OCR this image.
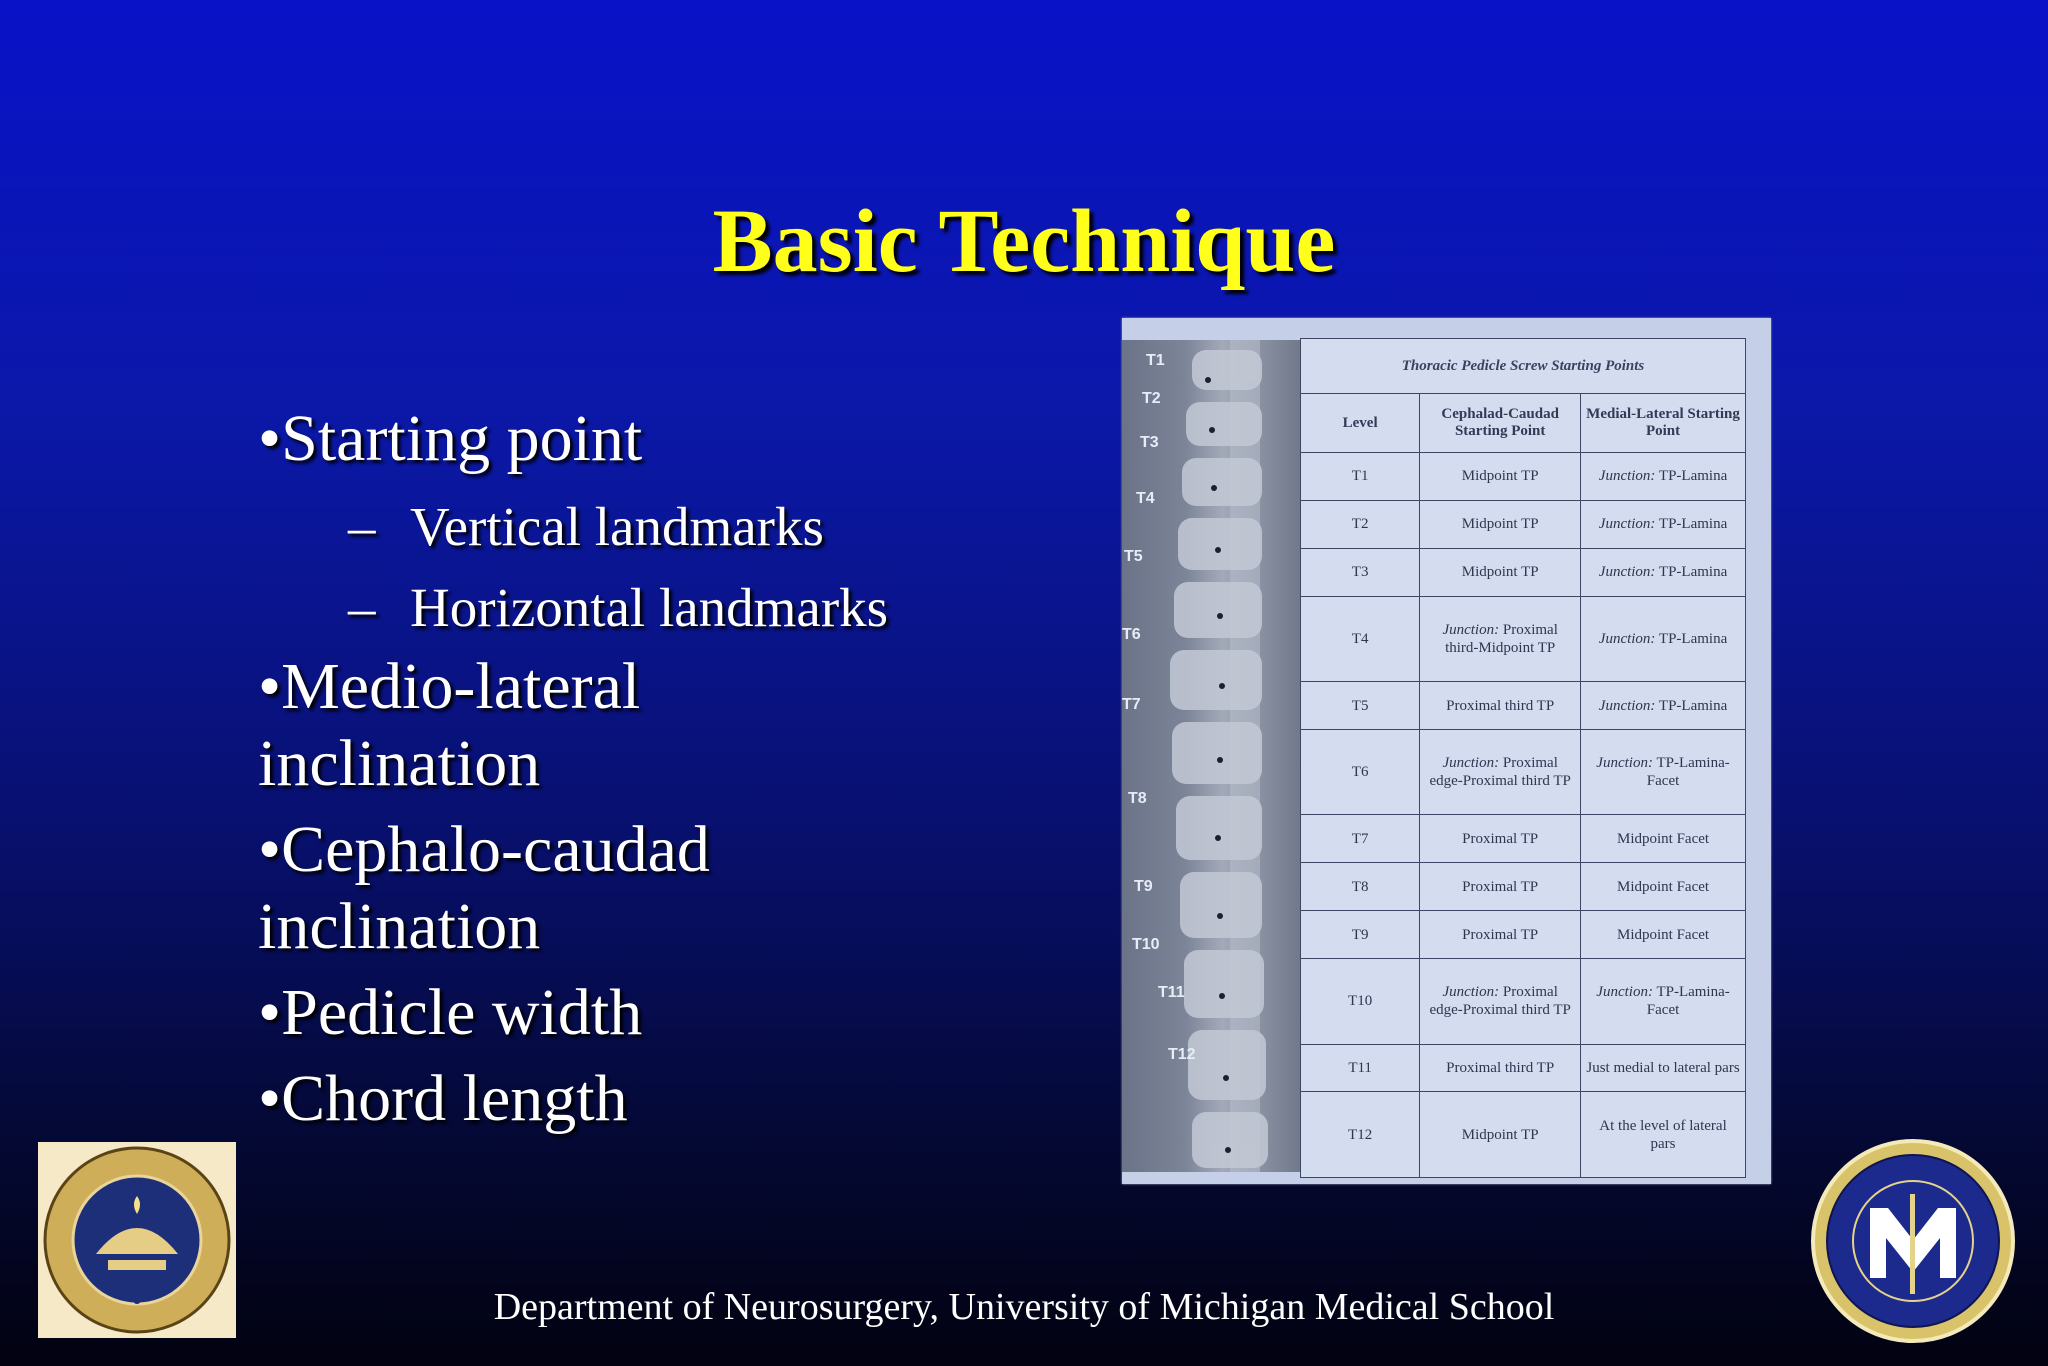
Basic Technique
•Starting point
– Vertical landmarks
– Horizontal landmarks
•Medio-lateral inclination
•Cephalo-caudad inclination
•Pedicle width
•Chord length
T1
T2
T3
T4
T5
T6
T7
T8
T9
T10
T11
T12
Thoracic Pedicle Screw Starting Points		
Level	Cephalad-Caudad Starting Point	Medial-Lateral Starting Point
T1	Midpoint TP	Junction: TP-Lamina
T2	Midpoint TP	Junction: TP-Lamina
T3	Midpoint TP	Junction: TP-Lamina
T4	Junction: Proximal third-Midpoint TP	Junction: TP-Lamina
T5	Proximal third TP	Junction: TP-Lamina
T6	Junction: Proximal edge-Proximal third TP	Junction: TP-Lamina-Facet
T7	Proximal TP	Midpoint Facet
T8	Proximal TP	Midpoint Facet
T9	Proximal TP	Midpoint Facet
T10	Junction: Proximal edge-Proximal third TP	Junction: TP-Lamina-Facet
T11	Proximal third TP	Just medial to lateral pars
T12	Midpoint TP	At the level of lateral pars
Department of Neurosurgery, University of Michigan Medical School
